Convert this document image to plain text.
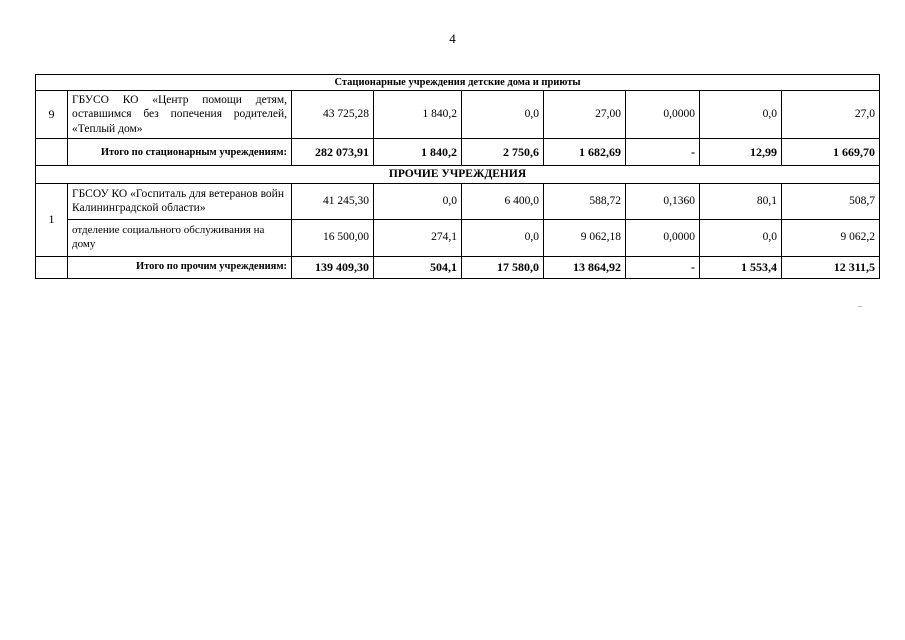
4
Стационарные учреждения детские дома и приюты								
9	ГБУСО КО «Центр помощи детям, оставшимся без попечения родителей, «Теплый дом»	43 725,28	1 840,2	0,0	27,00	0,0000	0,0	27,0
	Итого по стационарным учреждениям:	282 073,91	1 840,2	2 750,6	1 682,69	-	12,99	1 669,70
ПРОЧИЕ УЧРЕЖДЕНИЯ								
1	ГБСОУ КО «Госпиталь для ветеранов войн Калининградской области»	41 245,30	0,0	6 400,0	588,72	0,1360	80,1	508,7
	отделение социального обслуживания на дому	16 500,00	274,1	0,0	9 062,18	0,0000	0,0	9 062,2
	Итого по прочим учреждениям:	139 409,30	504,1	17 580,0	13 864,92	-	1 553,4	12 311,5
